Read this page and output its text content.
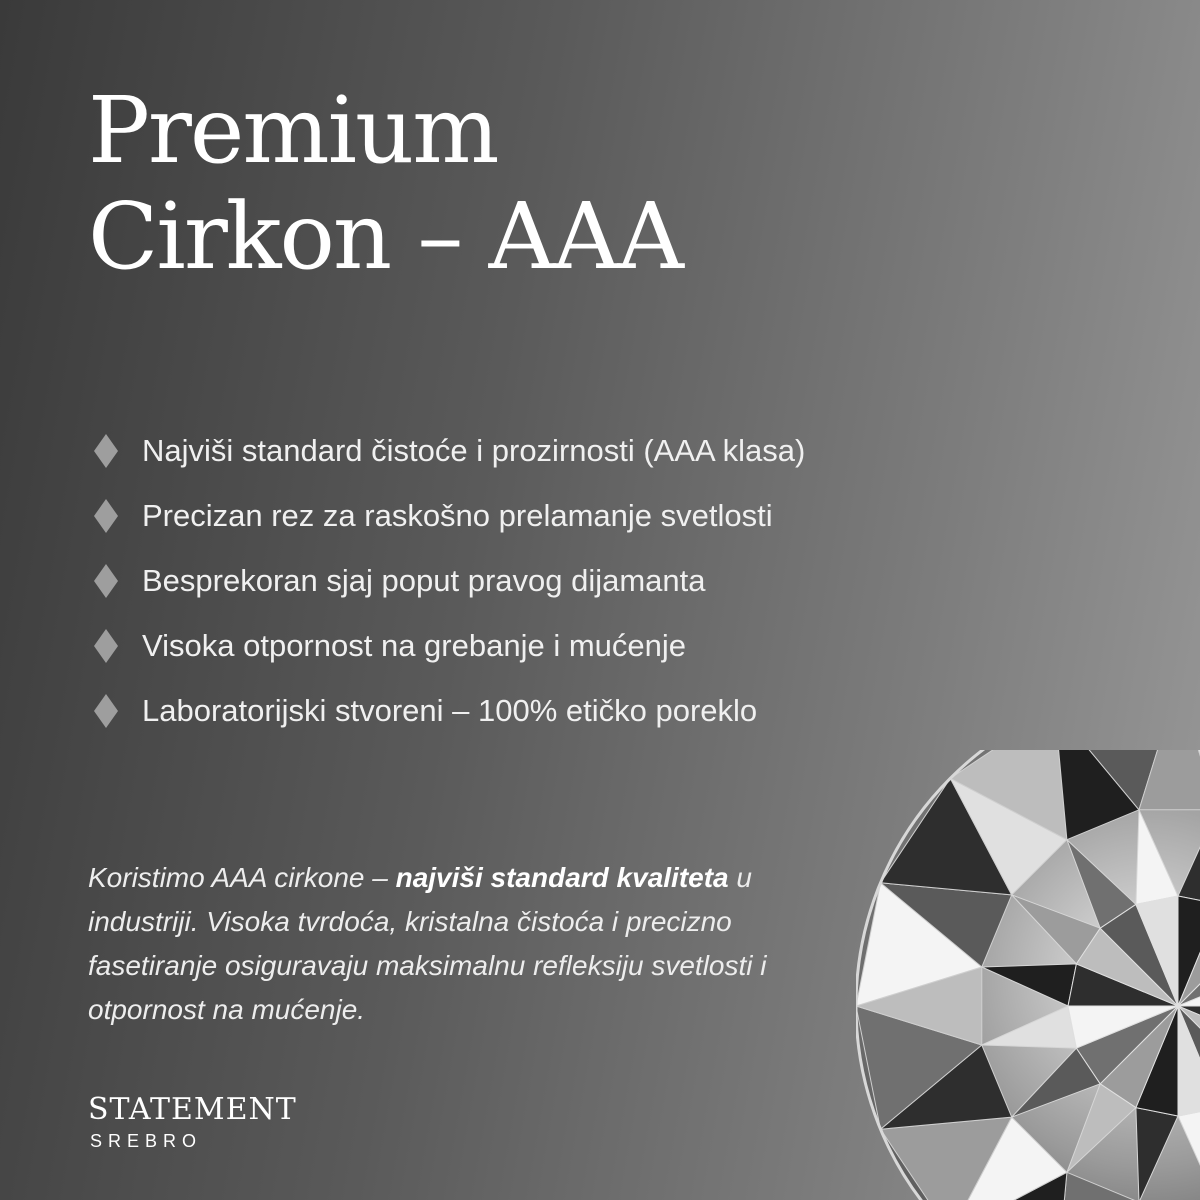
Premium
Cirkon – AAA
Najviši standard čistoće i prozirnosti (AAA klasa)
Precizan rez za raskošno prelamanje svetlosti
Besprekoran sjaj poput pravog dijamanta
Visoka otpornost na grebanje i mućenje
Laboratorijski stvoreni – 100% etičko poreklo

Koristimo AAA cirkone – najviši standard kvaliteta u industriji. Visoka tvrdoća, kristalna čistoća i precizno fasetiranje osiguravaju maksimalnu refleksiju svetlosti i otpornost na mućenje.

STATEMENT
SREBRO
